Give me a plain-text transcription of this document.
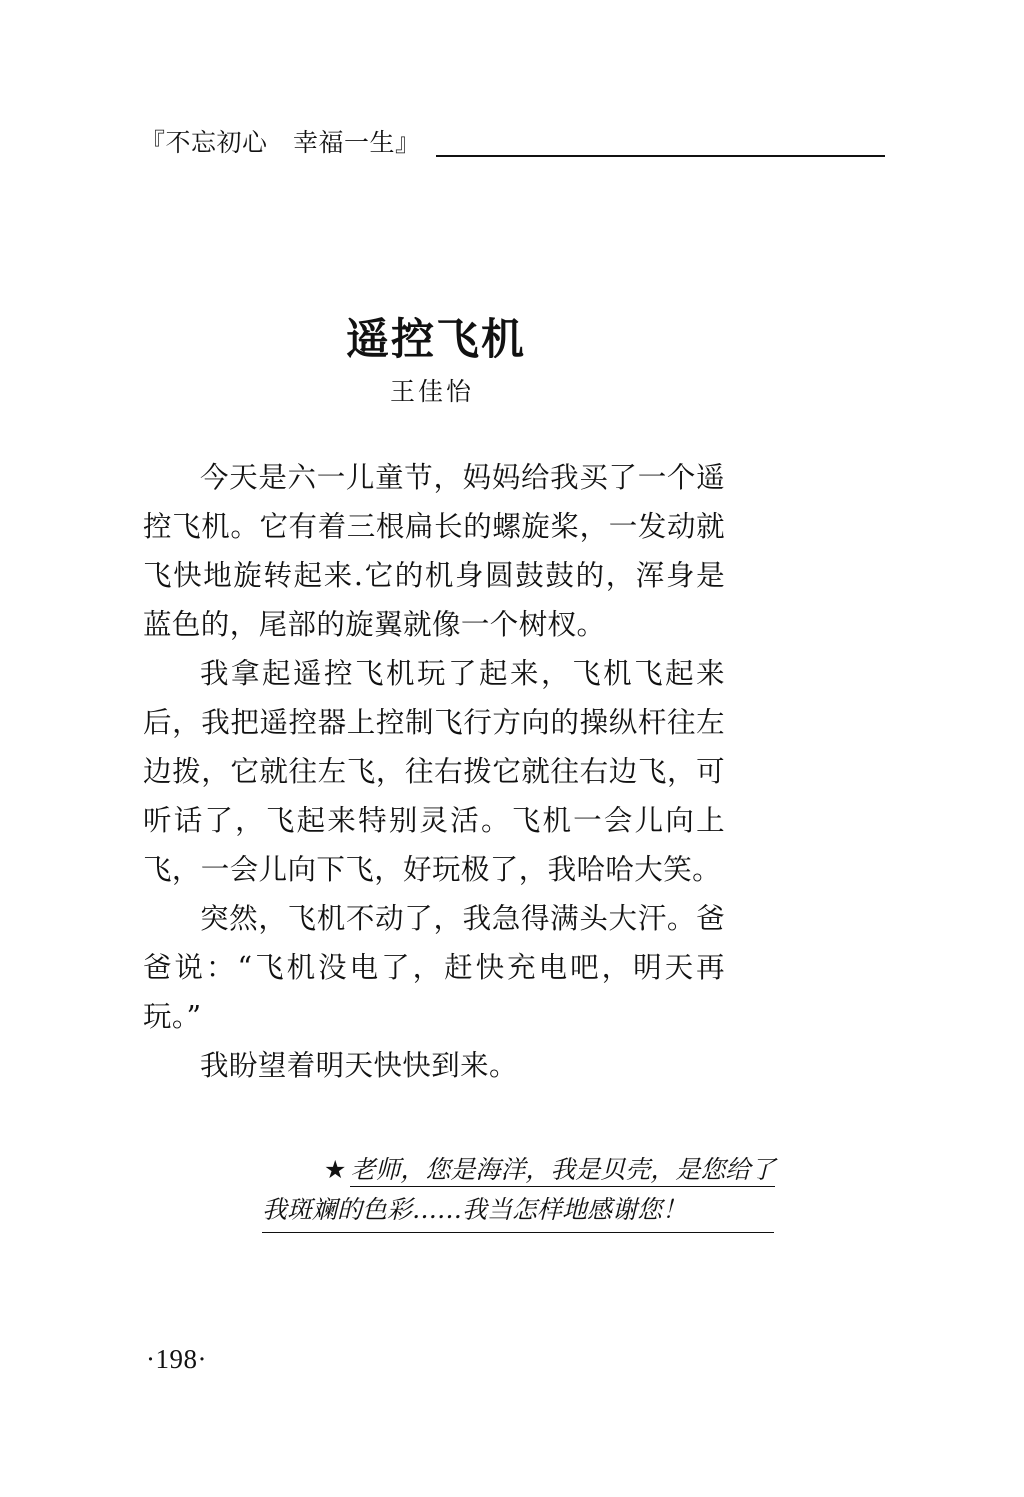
『不忘初心　幸福一生』
遥控飞机
王佳怡

今天是六一儿童节，妈妈给我买了一个遥控飞机。它有着三根扁长的螺旋桨，一发动就飞快地旋转起来.它的机身圆鼓鼓的，浑身是蓝色的，尾部的旋翼就像一个树杈。

我拿起遥控飞机玩了起来，飞机飞起来后，我把遥控器上控制飞行方向的操纵杆往左边拨，它就往左飞，往右拨它就往右边飞，可听话了，飞起来特别灵活。飞机一会儿向上飞，一会儿向下飞，好玩极了，我哈哈大笑。

突然，飞机不动了，我急得满头大汗。爸爸说：“飞机没电了，赶快充电吧，明天再玩。”

我盼望着明天快快到来。

★ 老师，您是海洋，我是贝壳，是您给了
我斑斓的色彩……我当怎样地感谢您！
·198·
